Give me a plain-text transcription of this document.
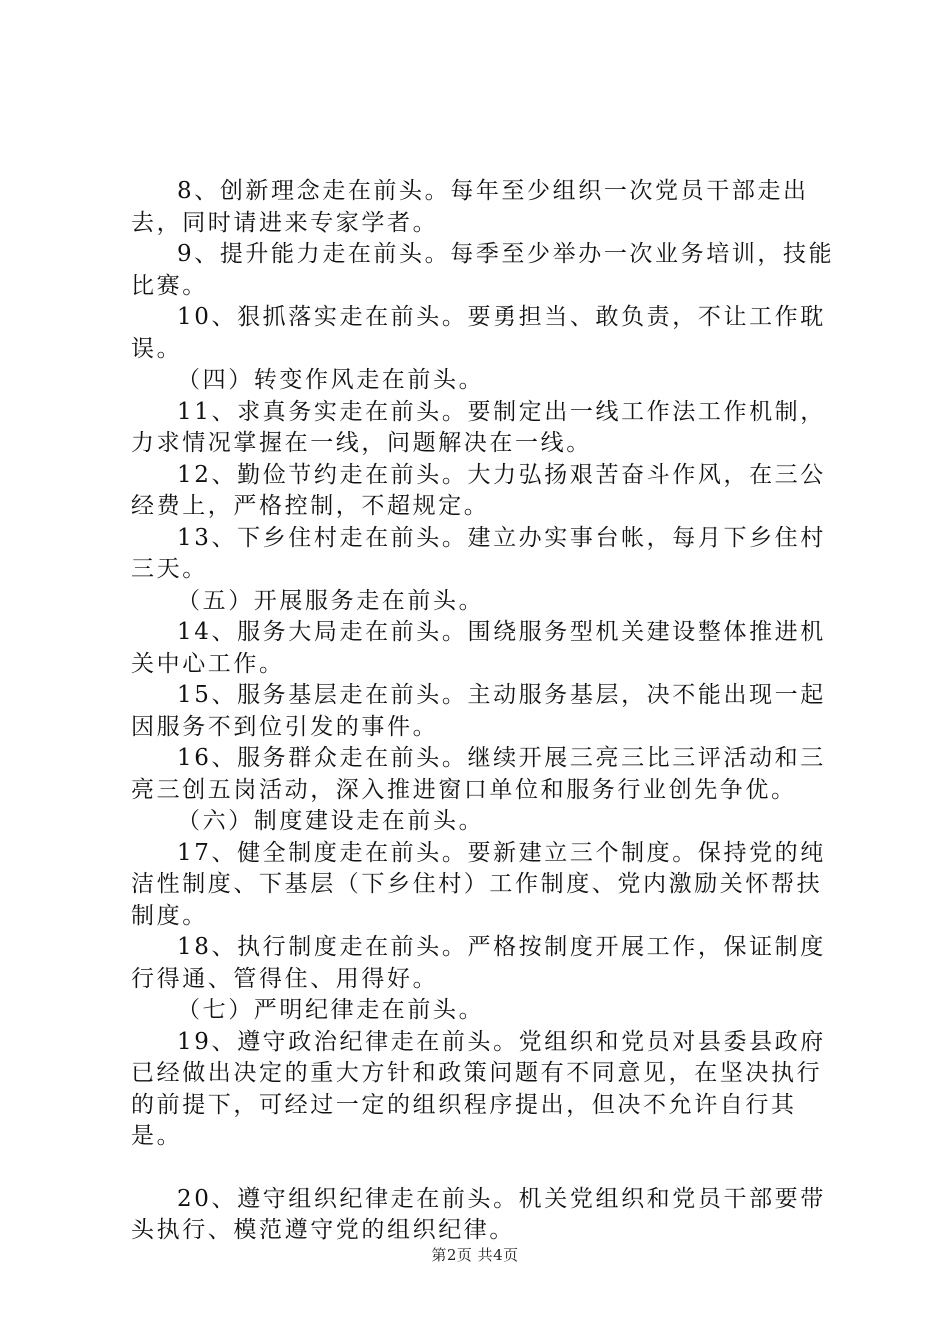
8、创新理念走在前头。每年至少组织一次党员干部走出去，同时请进来专家学者。

9、提升能力走在前头。每季至少举办一次业务培训，技能比赛。

10、狠抓落实走在前头。要勇担当、敢负责，不让工作耽误。

（四）转变作风走在前头。

11、求真务实走在前头。要制定出一线工作法工作机制，力求情况掌握在一线，问题解决在一线。

12、勤俭节约走在前头。大力弘扬艰苦奋斗作风，在三公经费上，严格控制，不超规定。

13、下乡住村走在前头。建立办实事台帐，每月下乡住村三天。

（五）开展服务走在前头。

14、服务大局走在前头。围绕服务型机关建设整体推进机关中心工作。

15、服务基层走在前头。主动服务基层，决不能出现一起因服务不到位引发的事件。

16、服务群众走在前头。继续开展三亮三比三评活动和三亮三创五岗活动，深入推进窗口单位和服务行业创先争优。

（六）制度建设走在前头。

17、健全制度走在前头。要新建立三个制度。保持党的纯洁性制度、下基层（下乡住村）工作制度、党内激励关怀帮扶制度。

18、执行制度走在前头。严格按制度开展工作，保证制度行得通、管得住、用得好。

（七）严明纪律走在前头。

19、遵守政治纪律走在前头。党组织和党员对县委县政府已经做出决定的重大方针和政策问题有不同意见，在坚决执行的前提下，可经过一定的组织程序提出，但决不允许自行其是。

20、遵守组织纪律走在前头。机关党组织和党员干部要带头执行、模范遵守党的组织纪律。

第2页 共4页
